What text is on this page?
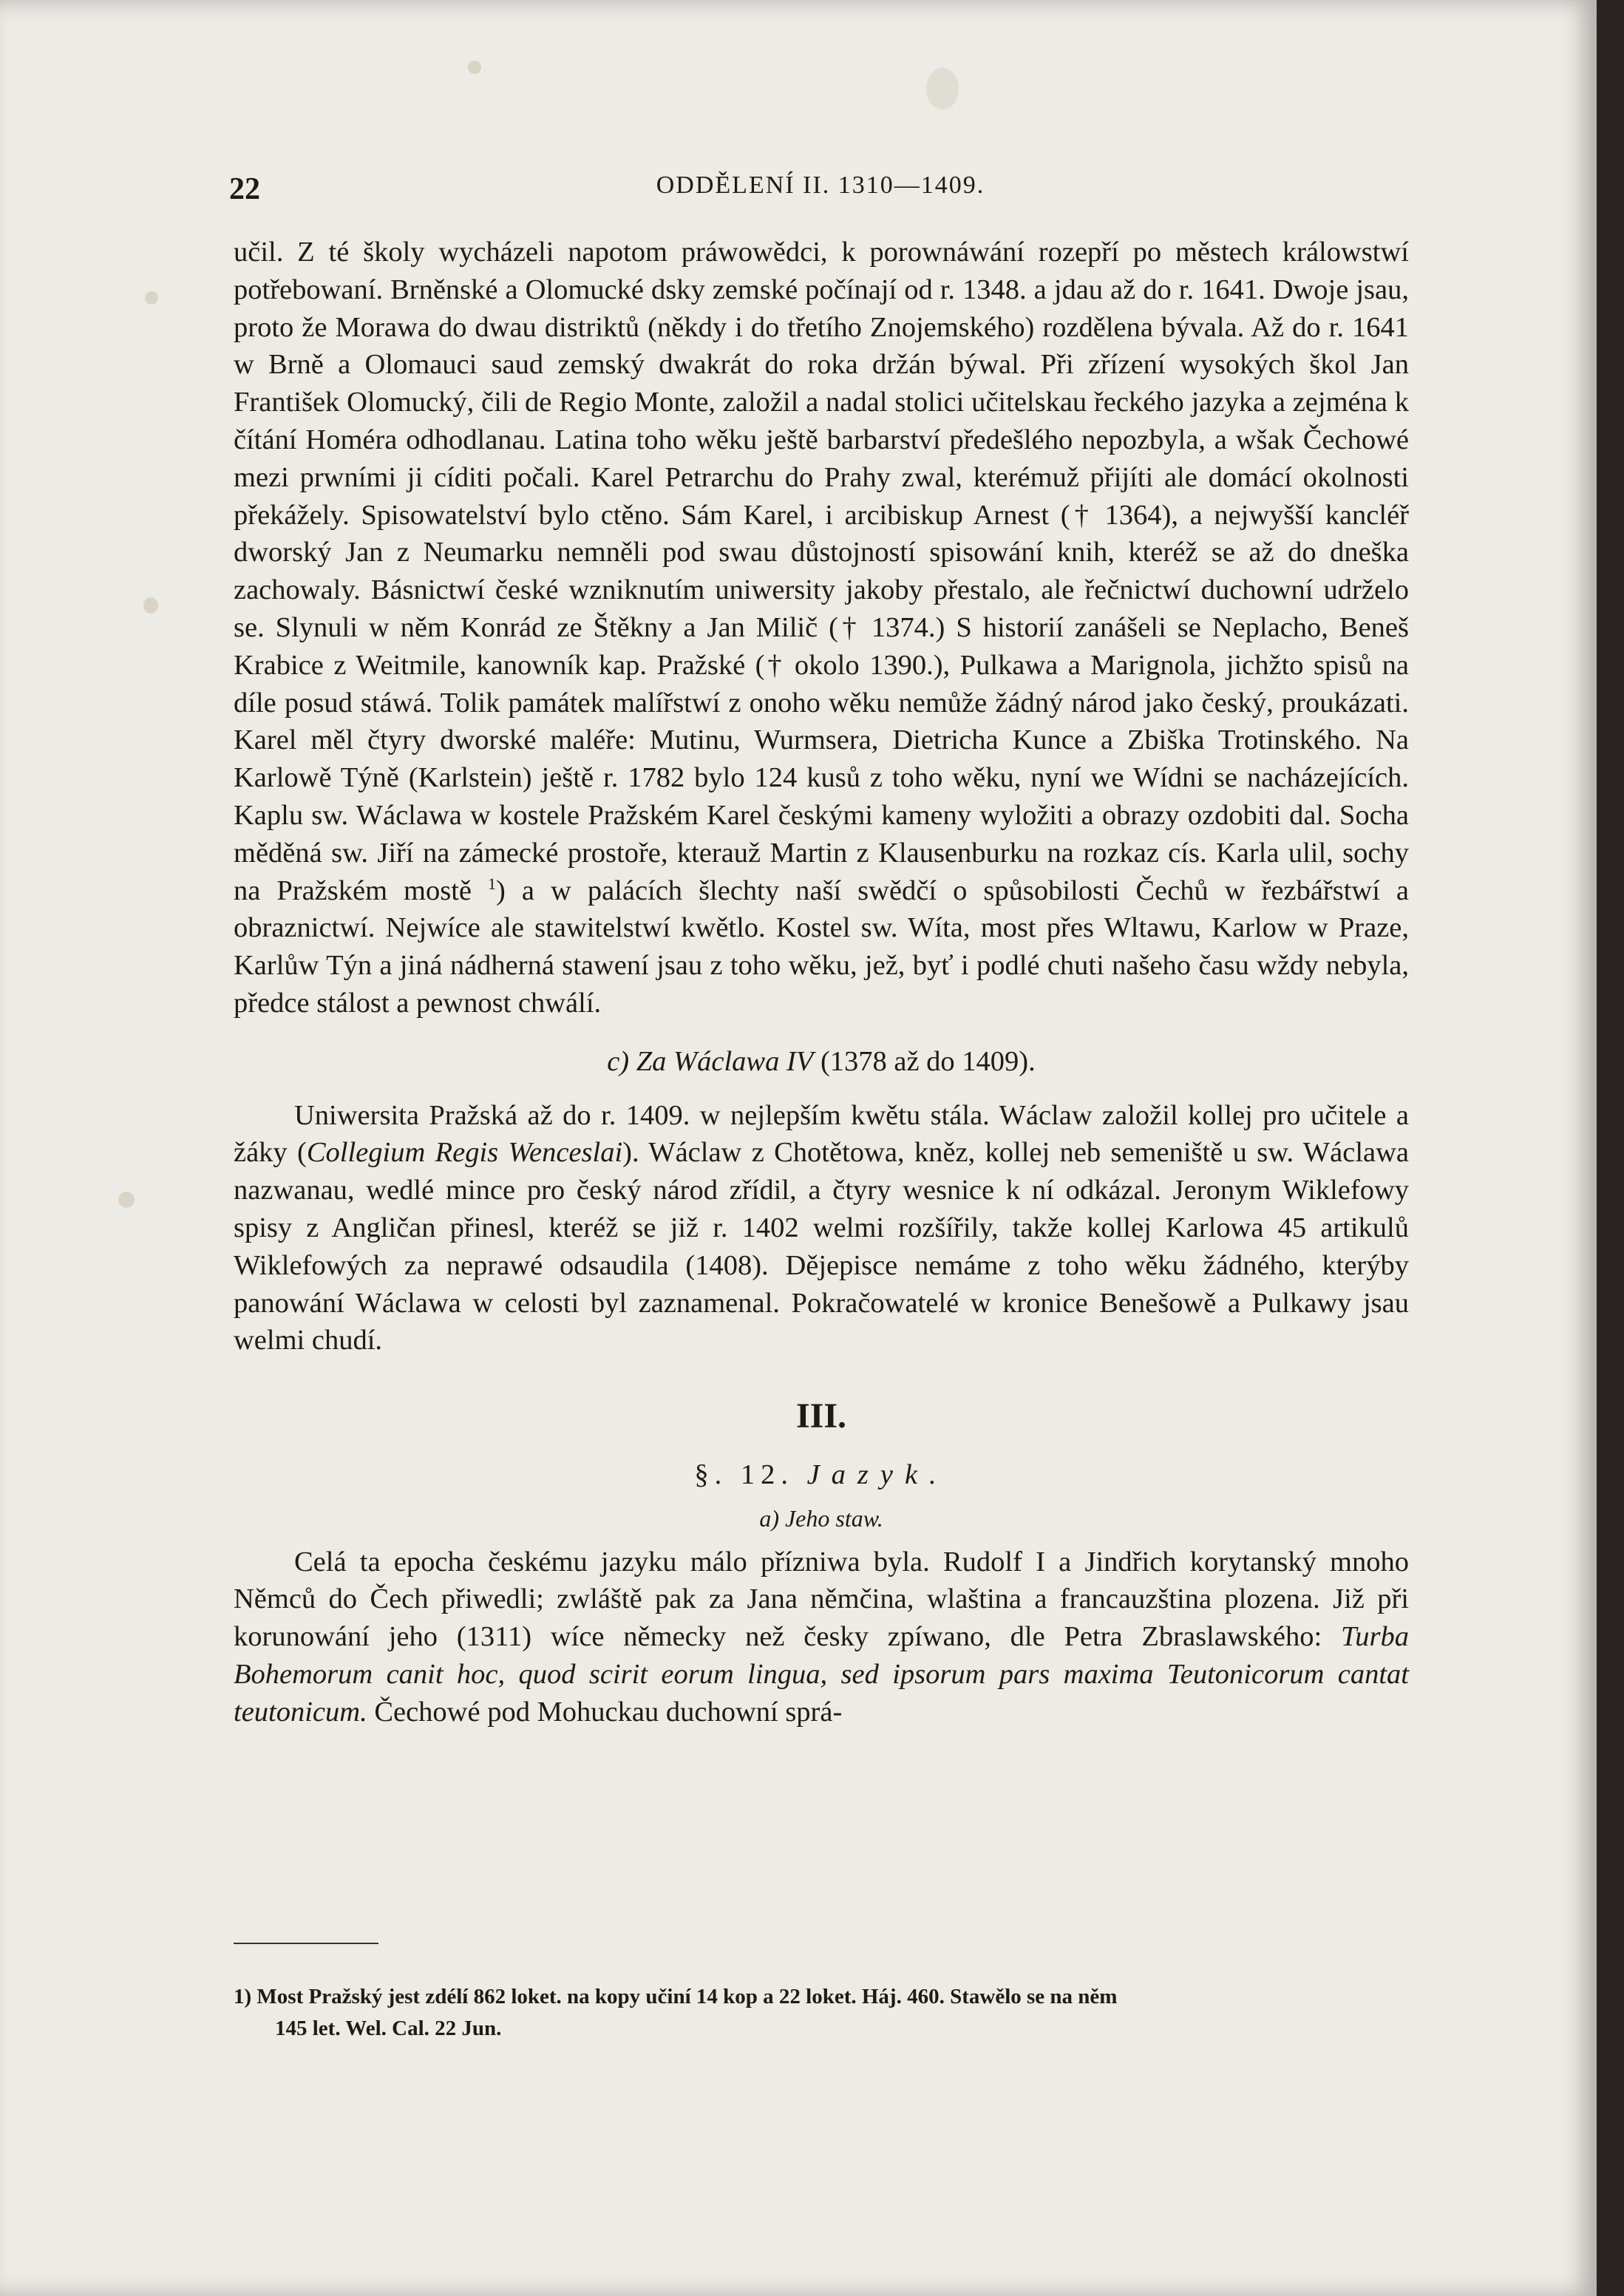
22	ODDĚLENÍ II. 1310—1409.

učil. Z té školy wycházeli napotom práwowědci, k porownáwání rozepří po městech králowstwí potřebowaní. Brněnské a Olomucké dsky zemské počínají od r. 1348. a jdau až do r. 1641. Dwoje jsau, proto že Morawa do dwau distriktů (někdy i do třetího Znojemského) rozdělena bývala. Až do r. 1641 w Brně a Olomauci saud zemský dwakrát do roka držán býwal. Při zřízení wysokých škol Jan František Olomucký, čili de Regio Monte, založil a nadal stolici učitelskau řeckého jazyka a zejména k čítání Homéra odhodlanau. Latina toho wěku ještě barbarství předešlého nepozbyla, a wšak Čechowé mezi prwními ji cíditi počali. Karel Petrarchu do Prahy zwal, kterémuž přijíti ale domácí okolnosti překážely. Spisowatelství bylo ctěno. Sám Karel, i arcibiskup Arnest († 1364), a nejwyšší kancléř dworský Jan z Neumarku nemněli pod swau důstojností spisowání knih, kteréž se až do dneška zachowaly. Básnictwí české wzniknutím uniwersity jakoby přestalo, ale řečnictwí duchowní udrželo se. Slynuli w něm Konrád ze Štěkny a Jan Milič († 1374.) S historií zanášeli se Neplacho, Beneš Krabice z Weitmile, kanowník kap. Pražské († okolo 1390.), Pulkawa a Marignola, jichžto spisů na díle posud stáwá. Tolik památek malířstwí z onoho wěku nemůže žádný národ jako český, proukázati. Karel měl čtyry dworské maléře: Mutinu, Wurmsera, Dietricha Kunce a Zbiška Trotinského. Na Karlowě Týně (Karlstein) ještě r. 1782 bylo 124 kusů z toho wěku, nyní we Wídni se nacházejících. Kaplu sw. Wáclawa w kostele Pražském Karel českými kameny wyložiti a obrazy ozdobiti dal. Socha měděná sw. Jiří na zámecké prostoře, kterauž Martin z Klausenburku na rozkaz cís. Karla ulil, sochy na Pražském mostě $^1$) a w palácích šlechty naší swědčí o spůsobilosti Čechů w řezbářstwí a obraznictwí. Nejwíce ale stawitelstwí kwětlo. Kostel sw. Wíta, most přes Wltawu, Karlow w Praze, Karlůw Týn a jiná nádherná stawení jsau z toho wěku, jež, byť i podlé chuti našeho času wždy nebyla, předce stálost a pewnost chwálí.

c) Za Wáclawa IV (1378 až do 1409).

Uniwersita Pražská až do r. 1409. w nejlepším kwětu stála. Wáclaw založil kollej pro učitele a žáky (Collegium Regis Wenceslai). Wáclaw z Chotětowa, kněz, kollej neb semeniště u sw. Wáclawa nazwanau, wedlé mince pro český národ zřídil, a čtyry wesnice k ní odkázal. Jeronym Wiklefowy spisy z Angličan přinesl, kteréž se již r. 1402 welmi rozšířily, takže kollej Karlowa 45 artikulů Wiklefowých za neprawé odsaudila (1408). Dějepisce nemáme z toho wěku žádného, kterýby panowání Wáclawa w celosti byl zaznamenal. Pokračowatelé w kronice Benešowě a Pulkawy jsau welmi chudí.

III.
§. 12. Jazyk.
a) Jeho staw.

Celá ta epocha českému jazyku málo přízniwa byla. Rudolf I a Jindřich korytanský mnoho Němců do Čech přiwedli; zwláště pak za Jana němčina, wlaština a francauzština plozena. Již při korunowání jeho (1311) wíce německy než česky zpíwano, dle Petra Zbraslawského: Turba Bohemorum canit hoc, quod scirit eorum lingua, sed ipsorum pars maxima Teutonicorum cantat teutonicum. Čechowé pod Mohuckau duchowní sprá-

1) Most Pražský jest zdélí 862 loket. na kopy učiní 14 kop a 22 loket. Háj. 460. Stawělo se na něm
145 let. Wel. Cal. 22 Jun.
